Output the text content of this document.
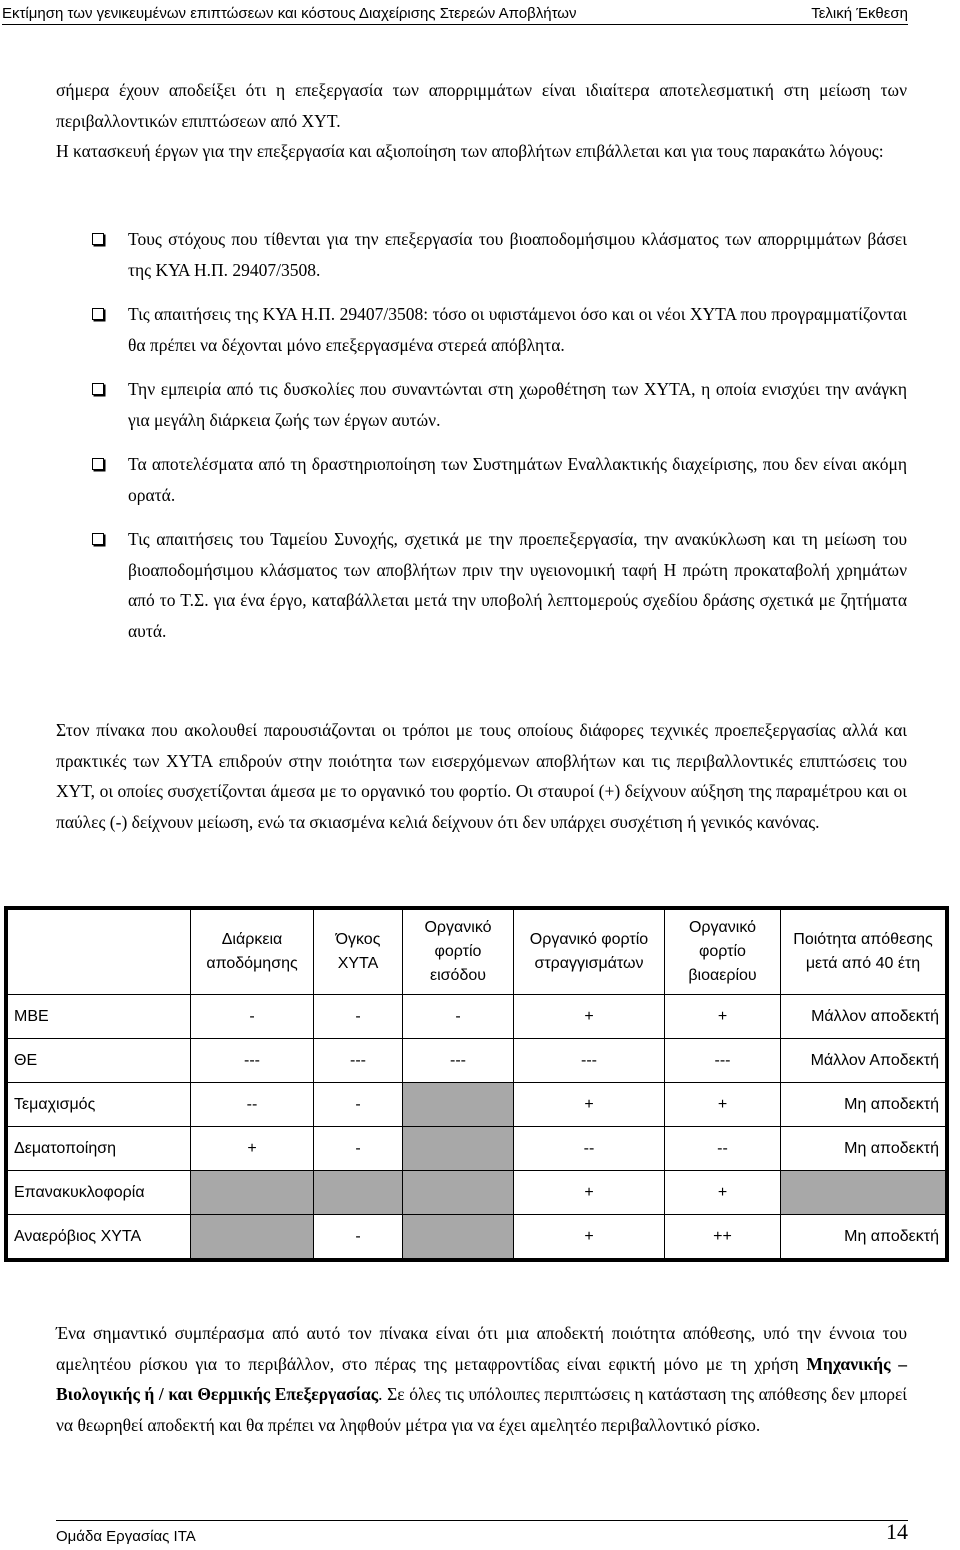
Εκτίμηση των γενικευμένων επιπτώσεων και κόστους Διαχείρισης Στερεών Αποβλήτων	Τελική Έκθεση

σήμερα έχουν αποδείξει ότι η επεξεργασία των απορριμμάτων είναι ιδιαίτερα αποτελεσματική στη μείωση των περιβαλλοντικών επιπτώσεων από ΧΥΤ.

Η κατασκευή έργων για την επεξεργασία και αξιοποίηση των αποβλήτων επιβάλλεται και για τους παρακάτω λόγους:

Τους στόχους που τίθενται για την επεξεργασία του βιοαποδομήσιμου κλάσματος των απορριμμάτων βάσει της ΚΥΑ Η.Π. 29407/3508.
Τις απαιτήσεις της ΚΥΑ Η.Π. 29407/3508: τόσο οι υφιστάμενοι όσο και οι νέοι ΧΥΤΑ που προγραμματίζονται θα πρέπει να δέχονται μόνο επεξεργασμένα στερεά απόβλητα.
Την εμπειρία από τις δυσκολίες που συναντώνται στη χωροθέτηση των ΧΥΤΑ, η οποία ενισχύει την ανάγκη για μεγάλη διάρκεια ζωής των έργων αυτών.
Τα αποτελέσματα από τη δραστηριοποίηση των Συστημάτων Εναλλακτικής διαχείρισης, που δεν είναι ακόμη ορατά.
Τις απαιτήσεις του Ταμείου Συνοχής, σχετικά με την προεπεξεργασία, την ανακύκλωση και τη μείωση του βιοαποδομήσιμου κλάσματος των αποβλήτων πριν την υγειονομική ταφή Η πρώτη προκαταβολή χρημάτων από το Τ.Σ. για ένα έργο, καταβάλλεται μετά την υποβολή λεπτομερούς σχεδίου δράσης σχετικά με ζητήματα αυτά.

Στον πίνακα που ακολουθεί παρουσιάζονται οι τρόποι με τους οποίους διάφορες τεχνικές προεπεξεργασίας αλλά και πρακτικές των ΧΥΤΑ επιδρούν στην ποιότητα των εισερχόμενων αποβλήτων και τις περιβαλλοντικές επιπτώσεις του ΧΥΤ, οι οποίες συσχετίζονται άμεσα με το οργανικό του φορτίο. Οι σταυροί (+) δείχνουν αύξηση της παραμέτρου και οι παύλες (-) δείχνουν μείωση, ενώ τα σκιασμένα κελιά δείχνουν ότι δεν υπάρχει συσχέτιση ή γενικός κανόνας.

	Διάρκεια αποδόμησης	Όγκος ΧΥΤΑ	Οργανικό φορτίο εισόδου	Οργανικό φορτίο στραγγισμάτων	Οργανικό φορτίο βιοαερίου	Ποιότητα απόθεσης μετά από 40 έτη
ΜΒΕ	-	-	-	+	+	Μάλλον αποδεκτή
ΘΕ	---	---	---	---	---	Μάλλον Αποδεκτή
Τεμαχισμός	--	-		+	+	Μη αποδεκτή
Δεματοποίηση	+	-		--	--	Μη αποδεκτή
Επανακυκλοφορία				+	+	
Αναερόβιος ΧΥΤΑ		-		+	++	Μη αποδεκτή

Ένα σημαντικό συμπέρασμα από αυτό τον πίνακα είναι ότι μια αποδεκτή ποιότητα απόθεσης, υπό την έννοια του αμελητέου ρίσκου για το περιβάλλον, στο πέρας της μεταφροντίδας είναι εφικτή μόνο με τη χρήση Μηχανικής – Βιολογικής ή / και Θερμικής Επεξεργασίας. Σε όλες τις υπόλοιπες περιπτώσεις η κατάσταση της απόθεσης δεν μπορεί να θεωρηθεί αποδεκτή και θα πρέπει να ληφθούν μέτρα για να έχει αμελητέο περιβαλλοντικό ρίσκο.

Ομάδα Εργασίας ΙΤΑ	14
